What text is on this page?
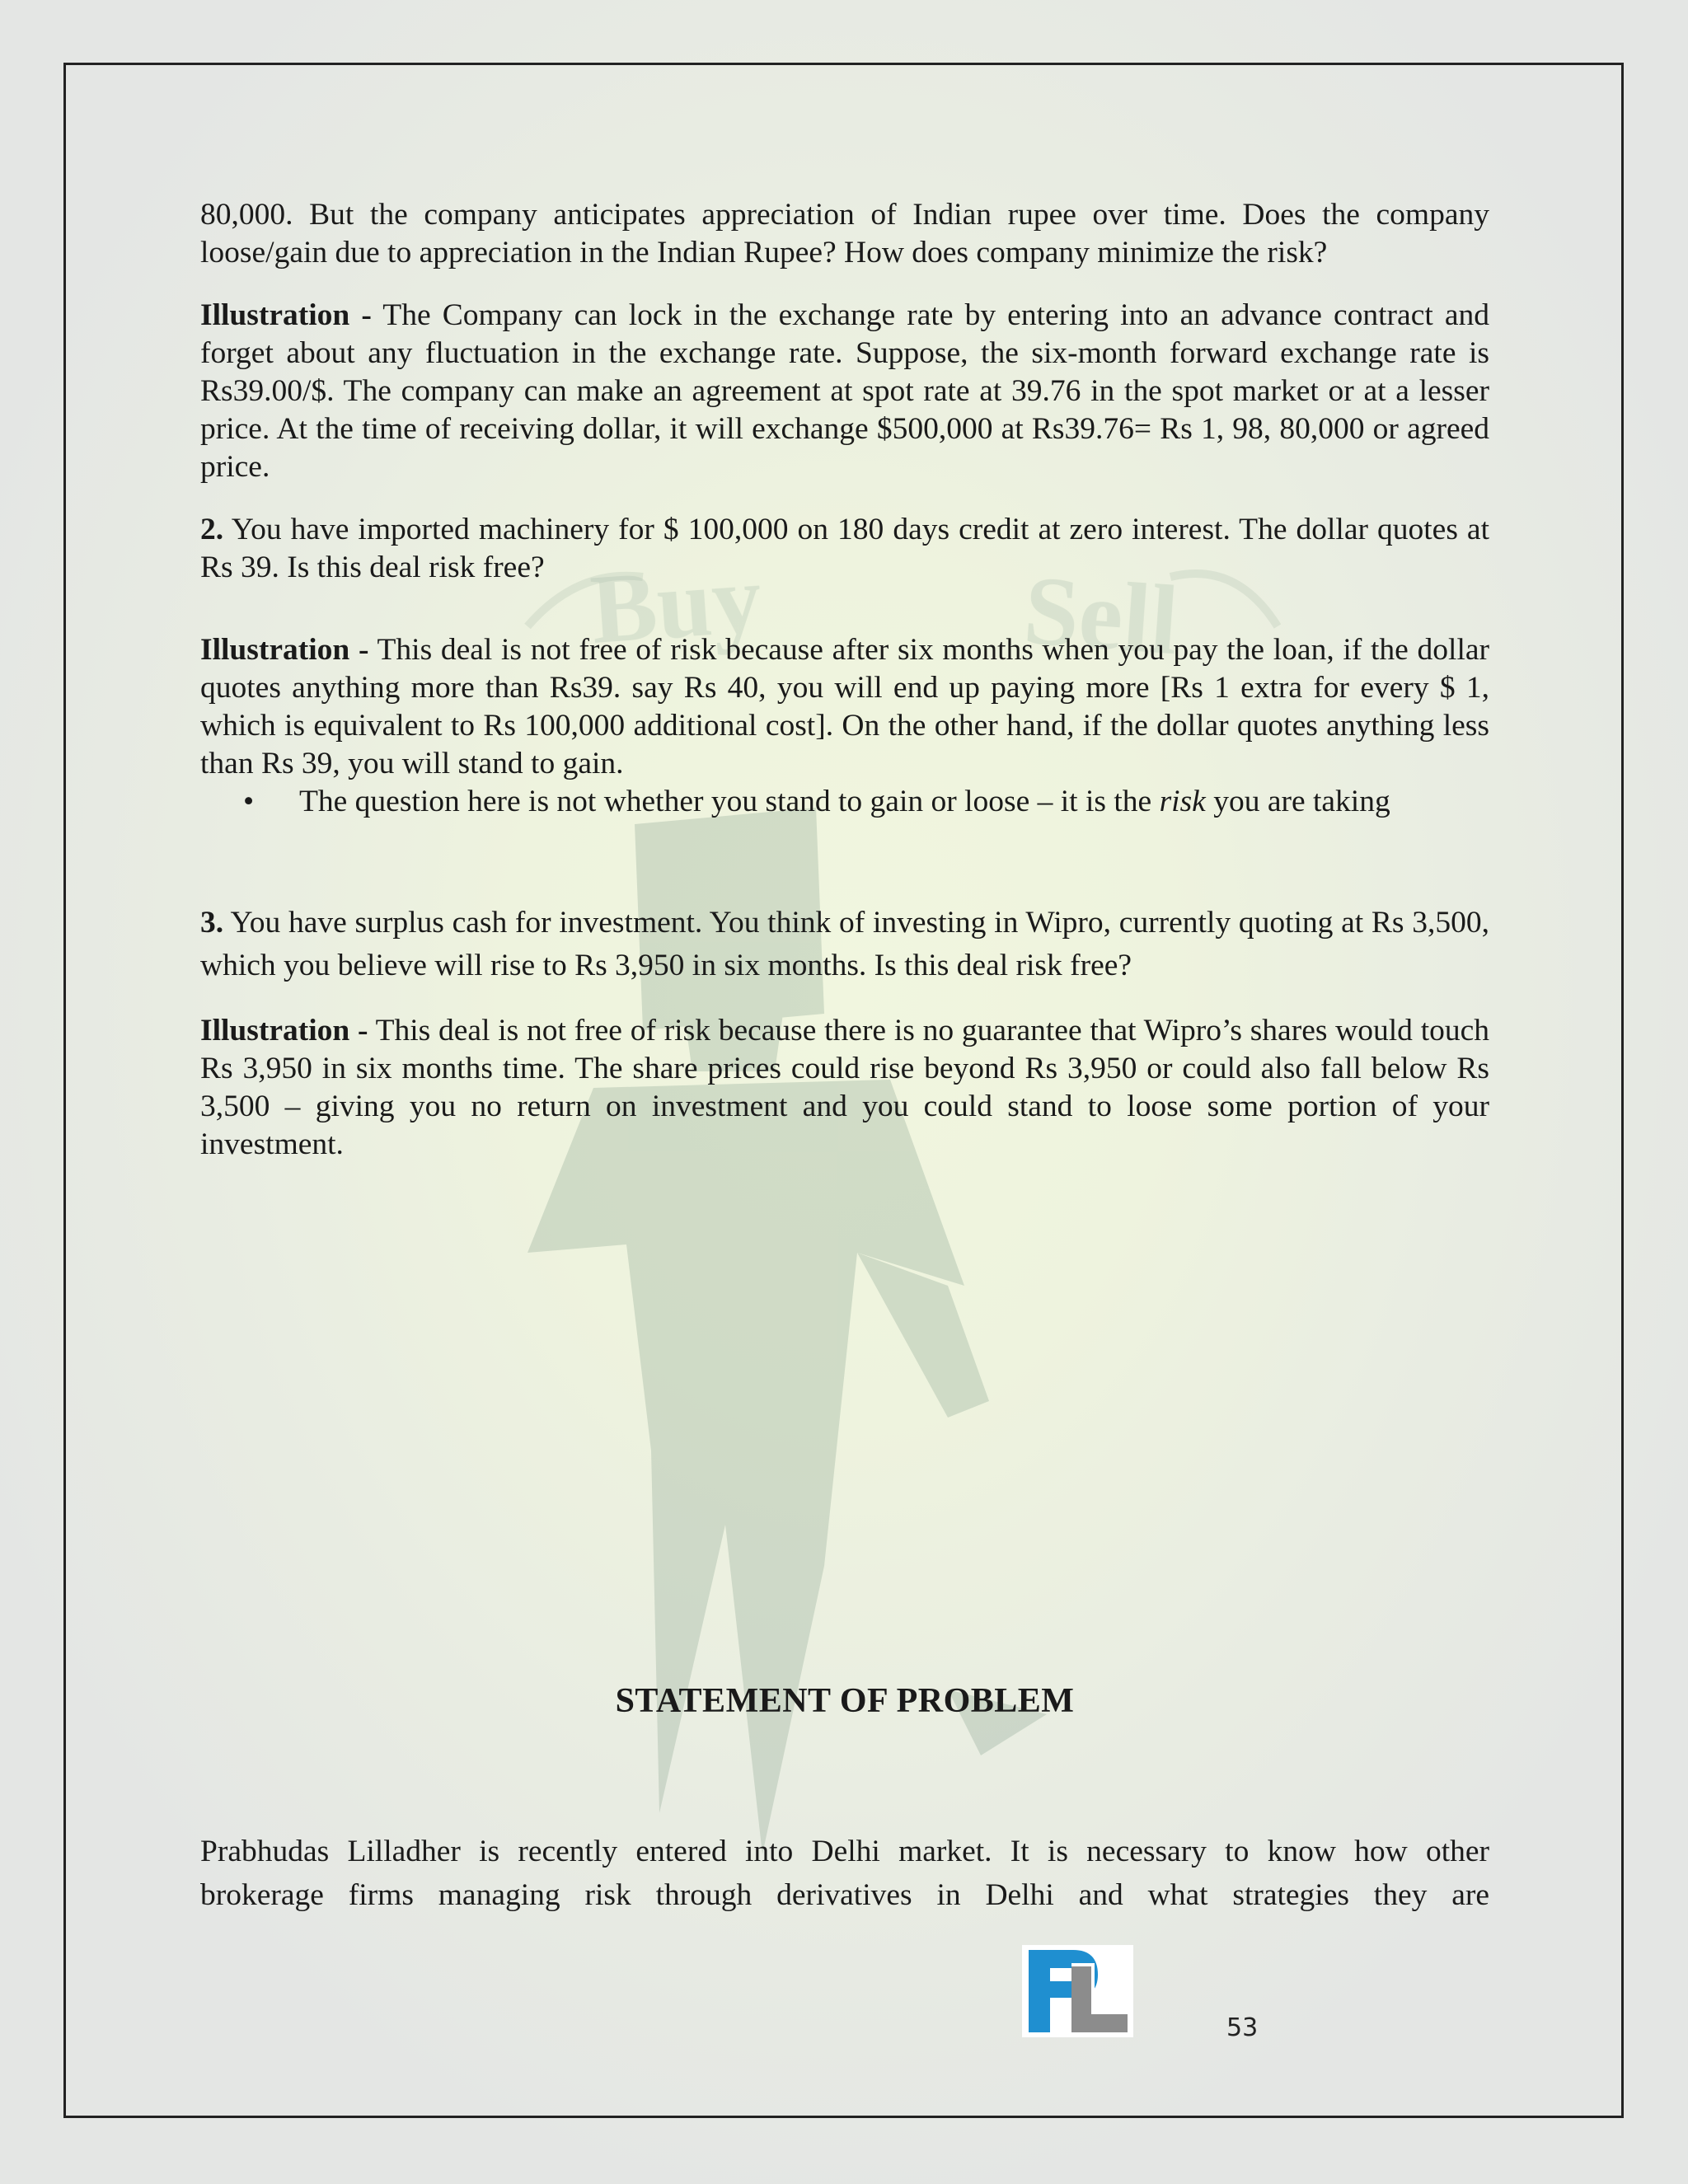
Buy	Sell

80,000. But the company anticipates appreciation of Indian rupee over time. Does the company loose/gain due to appreciation in the Indian Rupee? How does company minimize the risk?

Illustration - The Company can lock in the exchange rate by entering into an advance contract and forget about any fluctuation in the exchange rate. Suppose, the six-month forward exchange rate is Rs39.00/$. The company can make an agreement at spot rate at 39.76 in the spot market or at a lesser price. At the time of receiving dollar, it will exchange $500,000 at Rs39.76= Rs 1, 98, 80,000 or agreed price.

2. You have imported machinery for $ 100,000 on 180 days credit at zero interest. The dollar quotes at Rs 39. Is this deal risk free?

Illustration - This deal is not free of risk because after six months when you pay the loan, if the dollar quotes anything more than Rs39. say Rs 40, you will end up paying more [Rs 1 extra for every $ 1, which is equivalent to Rs 100,000 additional cost]. On the other hand, if the dollar quotes anything less than Rs 39, you will stand to gain.

•	The question here is not whether you stand to gain or loose – it is the risk you are taking

3. You have surplus cash for investment. You think of investing in Wipro, currently quoting at Rs 3,500, which you believe will rise to Rs 3,950 in six months. Is this deal risk free?

Illustration - This deal is not free of risk because there is no guarantee that Wipro’s shares would touch Rs 3,950 in six months time. The share prices could rise beyond Rs 3,950 or could also fall below Rs 3,500 – giving you no return on investment and you could stand to loose some portion of your investment.

STATEMENT OF PROBLEM

Prabhudas Lilladher is recently entered into Delhi market. It is necessary to know how other

brokerage firms managing risk through derivatives in Delhi and what strategies they are

53
